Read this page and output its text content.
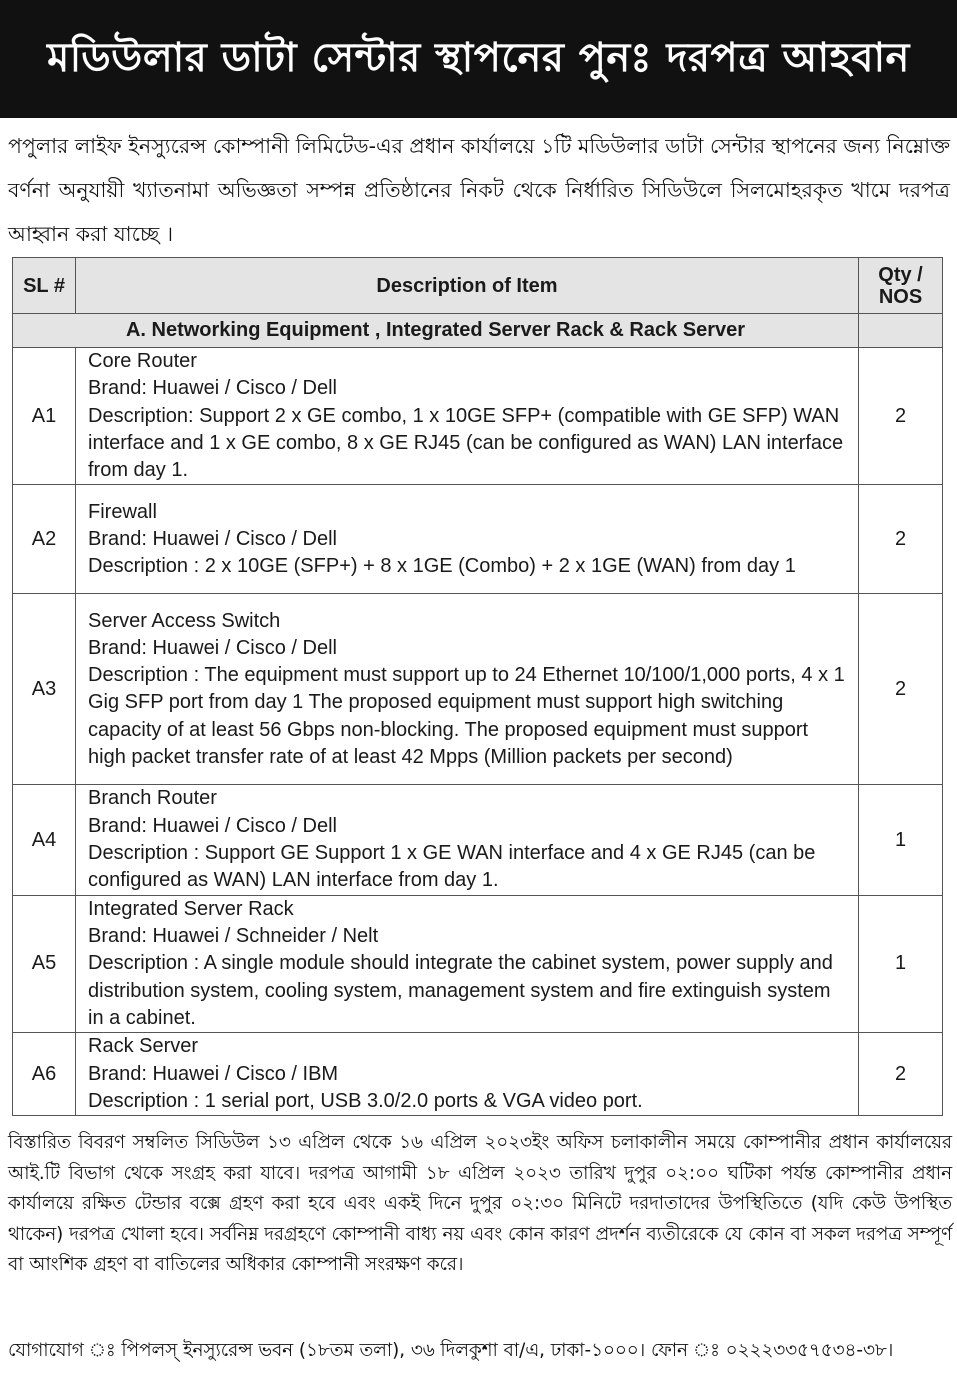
মডিউলার ডাটা সেন্টার স্থাপনের পুনঃ দরপত্র আহবান
পপুলার লাইফ ইনস্যুরেন্স কোম্পানী লিমিটেড-এর প্রধান কার্যালয়ে ১টি মডিউলার ডাটা সেন্টার স্থাপনের জন্য নিম্নোক্ত বর্ণনা অনুযায়ী খ্যাতনামা অভিজ্ঞতা সম্পন্ন প্রতিষ্ঠানের নিকট থেকে নির্ধারিত সিডিউলে সিলমোহরকৃত খামে দরপত্র আহ্বান করা যাচ্ছে ।
SL #	Description of Item	Qty / NOS
A. Networking Equipment , Integrated Server Rack & Rack Server		
A1	Core Router
Brand: Huawei / Cisco / Dell
Description: Support 2 x GE combo, 1 x 10GE SFP+ (compatible with GE SFP) WAN interface and 1 x GE combo, 8 x GE RJ45 (can be configured as WAN) LAN interface from day 1.	2
A2	Firewall
Brand: Huawei / Cisco / Dell
Description : 2 x 10GE (SFP+) + 8 x 1GE (Combo) + 2 x 1GE (WAN) from day 1	2
A3	Server Access Switch
Brand: Huawei / Cisco / Dell
Description : The equipment must support up to 24 Ethernet 10/100/1,000 ports, 4 x 1 Gig SFP port from day 1 The proposed equipment must support high switching capacity of at least 56 Gbps non-blocking. The proposed equipment must support high packet transfer rate of at least 42 Mpps (Million packets per second)	2
A4	Branch Router
Brand: Huawei / Cisco / Dell
Description : Support GE Support 1 x GE WAN interface and 4 x GE RJ45 (can be configured as WAN) LAN interface from day 1.	1
A5	Integrated Server Rack
Brand: Huawei / Schneider / Nelt
Description : A single module should integrate the cabinet system, power supply and distribution system, cooling system, management system and fire extinguish system in a cabinet.	1
A6	Rack Server
Brand: Huawei / Cisco / IBM
Description : 1 serial port, USB 3.0/2.0 ports & VGA video port.	2
বিস্তারিত বিবরণ সম্বলিত সিডিউল ১৩ এপ্রিল থেকে ১৬ এপ্রিল ২০২৩ইং অফিস চলাকালীন সময়ে কোম্পানীর প্রধান কার্যালয়ের আই.টি বিভাগ থেকে সংগ্রহ করা যাবে। দরপত্র আগামী ১৮ এপ্রিল ২০২৩ তারিখ দুপুর ০২:০০ ঘটিকা পর্যন্ত কোম্পানীর প্রধান কার্যালয়ে রক্ষিত টেন্ডার বক্সে গ্রহণ করা হবে এবং একই দিনে দুপুর ০২:৩০ মিনিটে দরদাতাদের উপস্থিতিতে (যদি কেউ উপস্থিত থাকেন) দরপত্র খোলা হবে। সর্বনিম্ন দরগ্রহণে কোম্পানী বাধ্য নয় এবং কোন কারণ প্রদর্শন ব্যতীরেকে যে কোন বা সকল দরপত্র সম্পূর্ণ বা আংশিক গ্রহণ বা বাতিলের অধিকার কোম্পানী সংরক্ষণ করে।
যোগাযোগ ঃ পিপলস্ ইনস্যুরেন্স ভবন (১৮তম তলা), ৩৬ দিলকুশা বা/এ, ঢাকা-১০০০। ফোন ঃ ০২২২৩৩৫৭৫৩৪-৩৮।
